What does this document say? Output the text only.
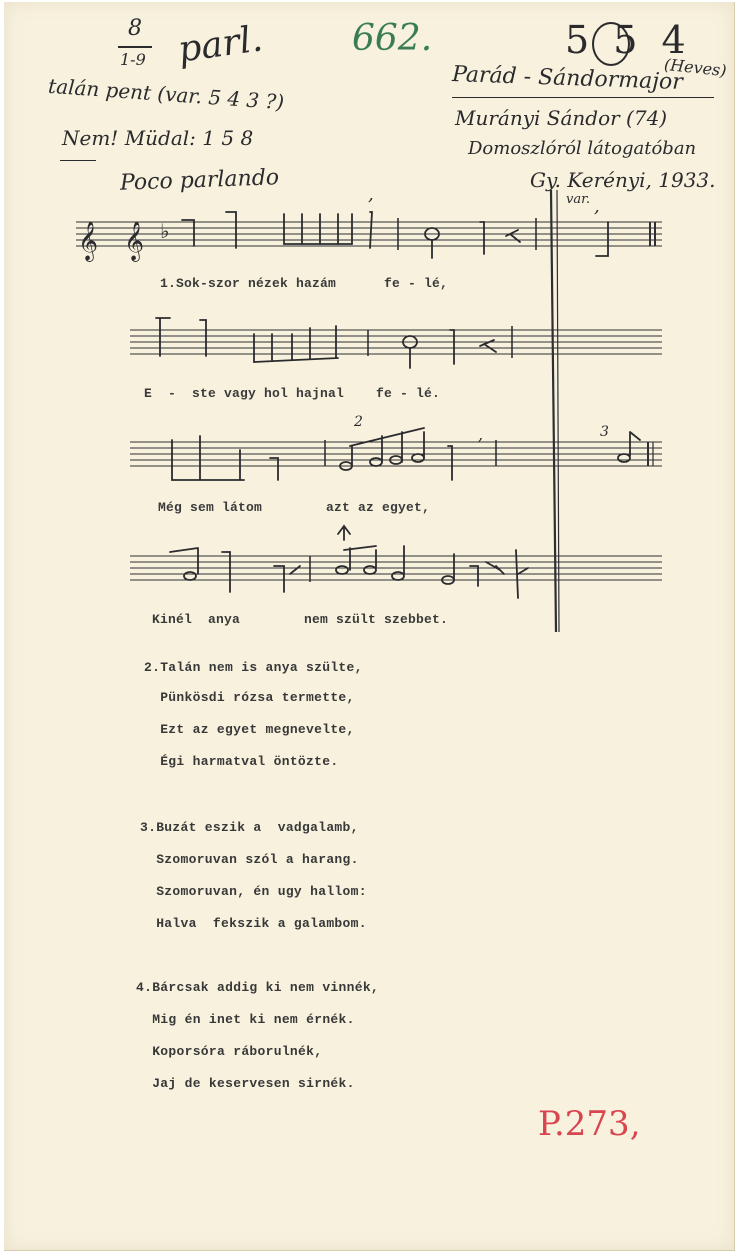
8
1-9 parl. 662.	5 5 4
talán pent (var. 5 4 3 ?)
Nem! Müdal: 1 5 8
Poco parlando
Parád - Sándormajor
(Heves)
Murányi Sándor (74)
Domoszlóról látogatóban
Gy. Kerényi, 1933.
var.
𝄞 𝄞 ♭
,
,
2
,	3
1.Sok-szor nézek hazám      fe - lé,
E  -  ste vagy hol hajnal    fe - lé.
Még sem látom        azt az egyet,
Kinél  anya        nem szült szebbet.
2.Talán nem is anya szülte,
Pünkösdi rózsa termette,
Ezt az egyet megnevelte,
Égi harmatval öntözte.
3.Buzát eszik a  vadgalamb,
Szomoruvan szól a harang.
Szomoruvan, én ugy hallom:
Halva  fekszik a galambom.
4.Bárcsak addig ki nem vinnék,
Mig én inet ki nem érnék.
Koporsóra ráborulnék,
Jaj de keservesen sirnék.
P.273,
